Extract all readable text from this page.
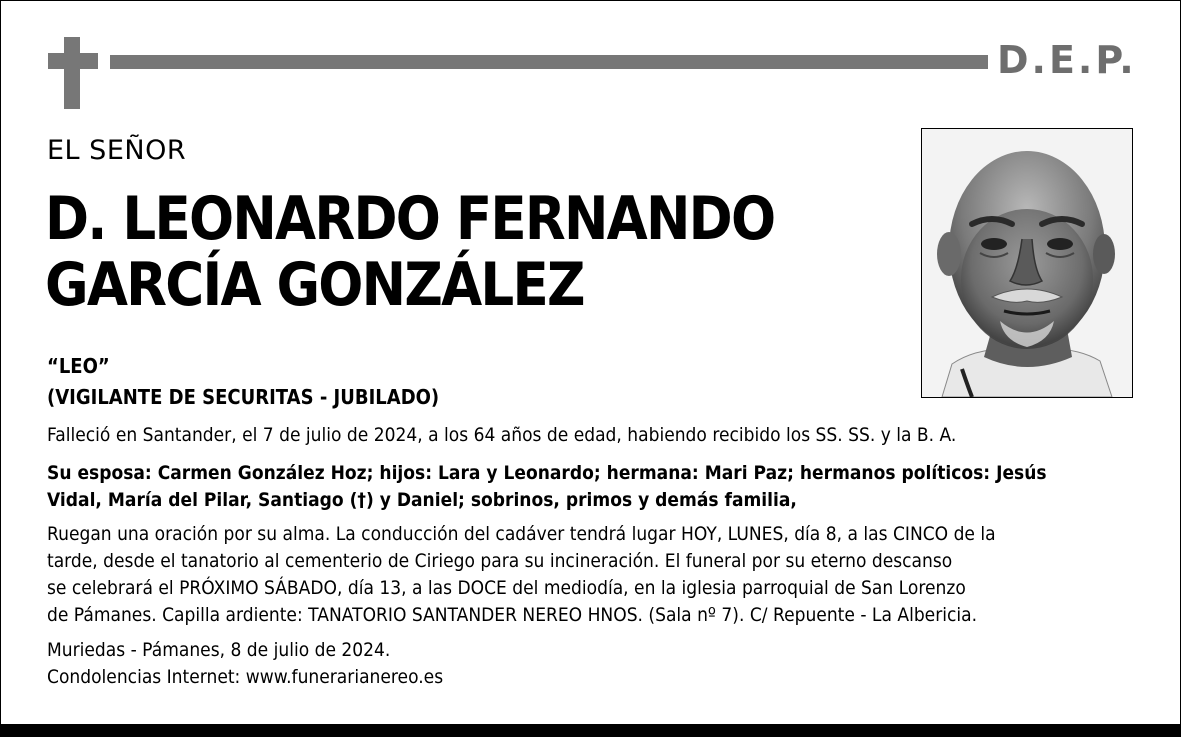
D.E.P.
EL SEÑOR
D. LEONARDO FERNANDO
GARCÍA GONZÁLEZ
“LEO”
(VIGILANTE DE SECURITAS - JUBILADO)
Falleció en Santander, el 7 de julio de 2024, a los 64 años de edad, habiendo recibido los SS. SS. y la B. A.
Su esposa: Carmen González Hoz; hijos: Lara y Leonardo; hermana: Mari Paz; hermanos políticos: Jesús
Vidal, María del Pilar, Santiago (†) y Daniel; sobrinos, primos y demás familia,
Ruegan una oración por su alma. La conducción del cadáver tendrá lugar HOY, LUNES, día 8, a las CINCO de la
tarde, desde el tanatorio al cementerio de Ciriego para su incineración. El funeral por su eterno descanso
se celebrará el PRÓXIMO SÁBADO, día 13, a las DOCE del mediodía, en la iglesia parroquial de San Lorenzo
de Pámanes. Capilla ardiente: TANATORIO SANTANDER NEREO HNOS. (Sala nº 7). C/ Repuente - La Albericia.
Muriedas - Pámanes, 8 de julio de 2024.
Condolencias Internet: www.funerarianereo.es
